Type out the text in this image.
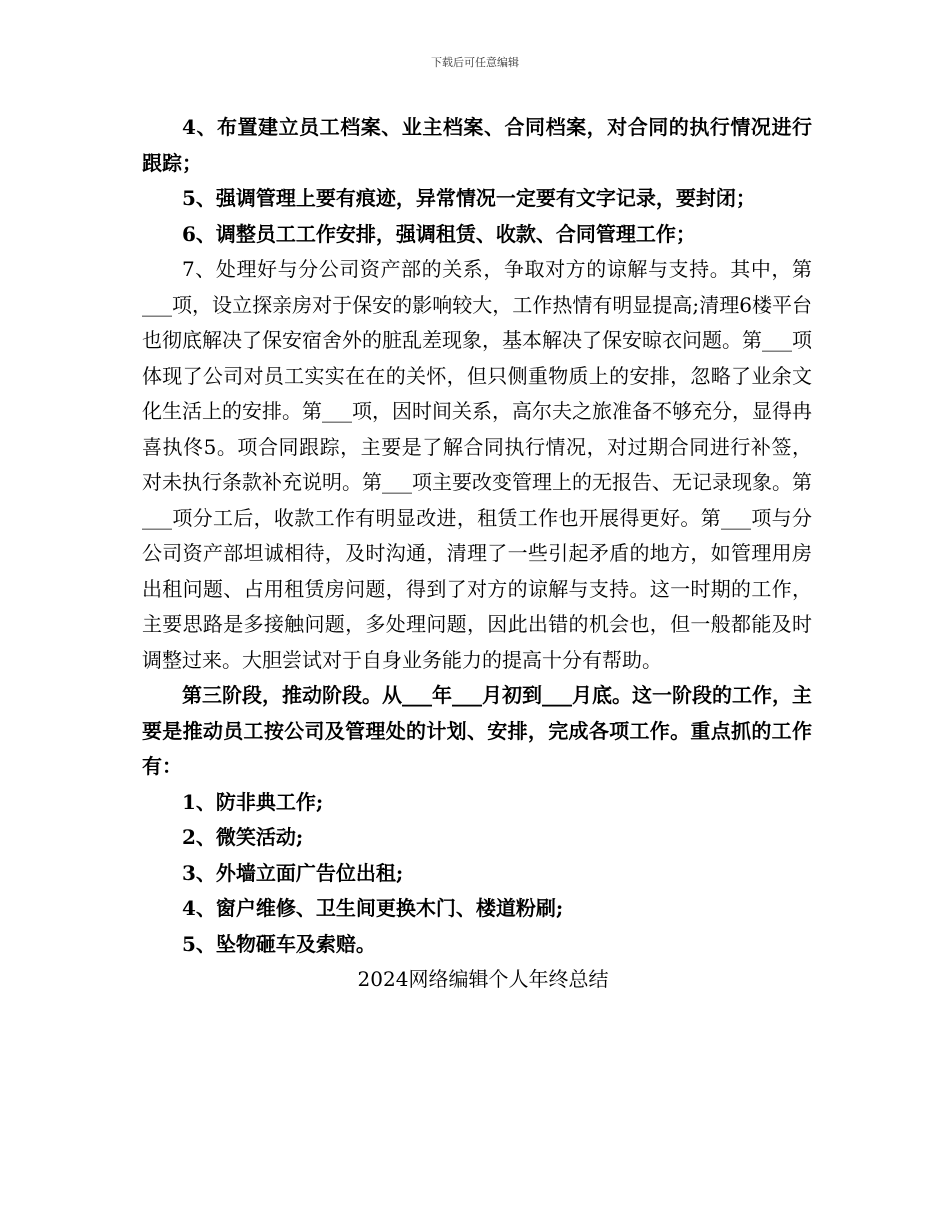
下载后可任意编辑

4、布置建立员工档案、业主档案、合同档案，对合同的执行情况进行跟踪；

5、强调管理上要有痕迹，异常情况一定要有文字记录，要封闭；

6、调整员工工作安排，强调租赁、收款、合同管理工作；

7、处理好与分公司资产部的关系，争取对方的谅解与支持。其中，第___项，设立探亲房对于保安的影响较大，工作热情有明显提高;清理6楼平台也彻底解决了保安宿舍外的脏乱差现象，基本解决了保安晾衣问题。第___项体现了公司对员工实实在在的关怀，但只侧重物质上的安排，忽略了业余文化生活上的安排。第___项，因时间关系，高尔夫之旅准备不够充分，显得冉喜执佟5。项合同跟踪，主要是了解合同执行情况，对过期合同进行补签，对未执行条款补充说明。第___项主要改变管理上的无报告、无记录现象。第___项分工后，收款工作有明显改进，租赁工作也开展得更好。第___项与分公司资产部坦诚相待，及时沟通，清理了一些引起矛盾的地方，如管理用房出租问题、占用租赁房问题，得到了对方的谅解与支持。这一时期的工作，主要思路是多接触问题，多处理问题，因此出错的机会也，但一般都能及时调整过来。大胆尝试对于自身业务能力的提高十分有帮助。

第三阶段，推动阶段。从___年___月初到___月底。这一阶段的工作，主要是推动员工按公司及管理处的计划、安排，完成各项工作。重点抓的工作有：

1、防非典工作;

2、微笑活动;

3、外墙立面广告位出租;

4、窗户维修、卫生间更换木门、楼道粉刷;

5、坠物砸车及索赔。

2024网络编辑个人年终总结
